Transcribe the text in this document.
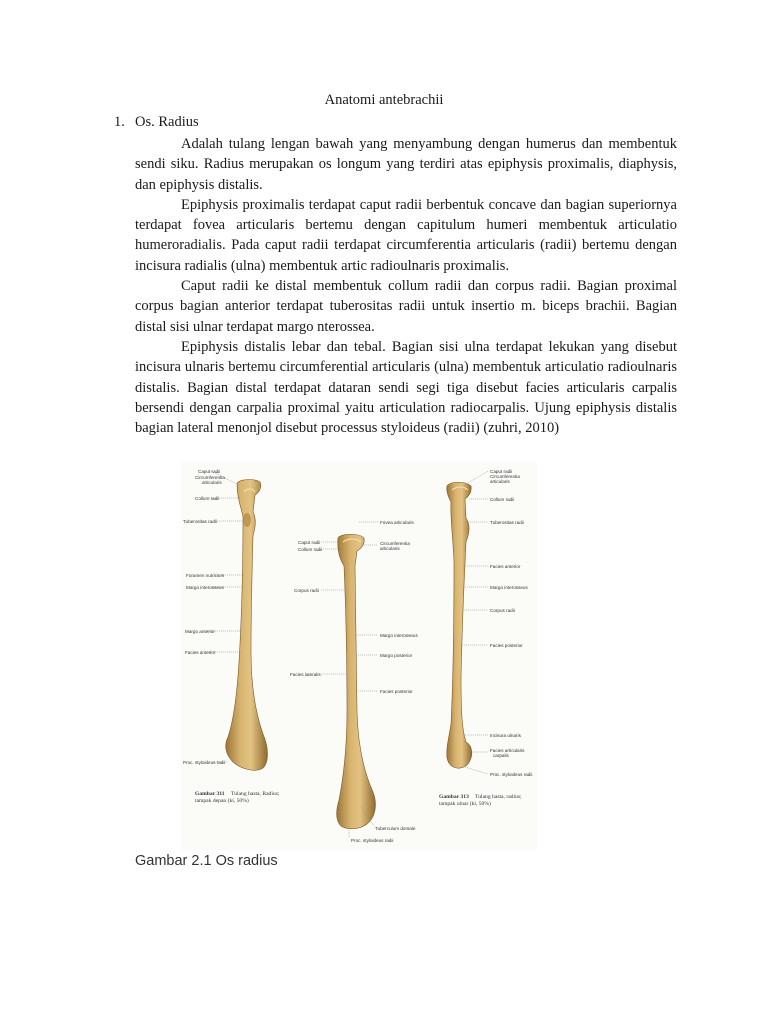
Anatomi antebrachii
1. Os. Radius

Adalah tulang lengan bawah yang menyambung dengan humerus dan membentuk sendi siku. Radius merupakan os longum yang terdiri atas epiphysis proximalis, diaphysis, dan epiphysis distalis.

Epiphysis proximalis terdapat caput radii berbentuk concave dan bagian superiornya terdapat fovea articularis bertemu dengan capitulum humeri membentuk articulatio humeroradialis. Pada caput radii terdapat circumferentia articularis (radii) bertemu dengan incisura radialis (ulna) membentuk artic radioulnaris proximalis.

Caput radii ke distal membentuk collum radii dan corpus radii. Bagian proximal corpus bagian anterior terdapat tuberositas radii untuk insertio m. biceps brachii. Bagian distal sisi ulnar terdapat margo nterossea.

Epiphysis distalis lebar dan tebal. Bagian sisi ulna terdapat lekukan yang disebut incisura ulnaris bertemu circumferential articularis (ulna) membentuk articulatio radioulnaris distalis. Bagian distal terdapat dataran sendi segi tiga disebut facies articularis carpalis bersendi dengan carpalia proximal yaitu articulation radiocarpalis. Ujung epiphysis distalis bagian lateral menonjol disebut processus styloideus (radii) (zuhri, 2010)

Caput radii
Circumferentia
articularis
Collum radii
Tuberositas radii
Foramen nutricium
Margo interosseus
Margo anterior
Facies anterior
Proc. styloideus radii
Fovea articularis
Caput radii
Collum radii
Circumferentia
articularis
Corpus radii
Margo interosseus
Margo posterior
Facies lateralis
Facies posterior
Tuberculum dorsale
Proc. styloideus radii
Caput radii
Circumferentia
articularis
Collum radii
Tuberositas radii
Facies anterior
Margo interosseus
Corpus radii
Facies posterior
Incisura ulnaris
Facies articularis
carpalis
Proc. styloideus radii
Gambar 311 Tulang hasta, Radius;
tampak depan (ki, 50%)
Gambar 313 Tulang hasta, radius;
tampak ulnar (ki, 50%)
Gambar 2.1 Os radius
